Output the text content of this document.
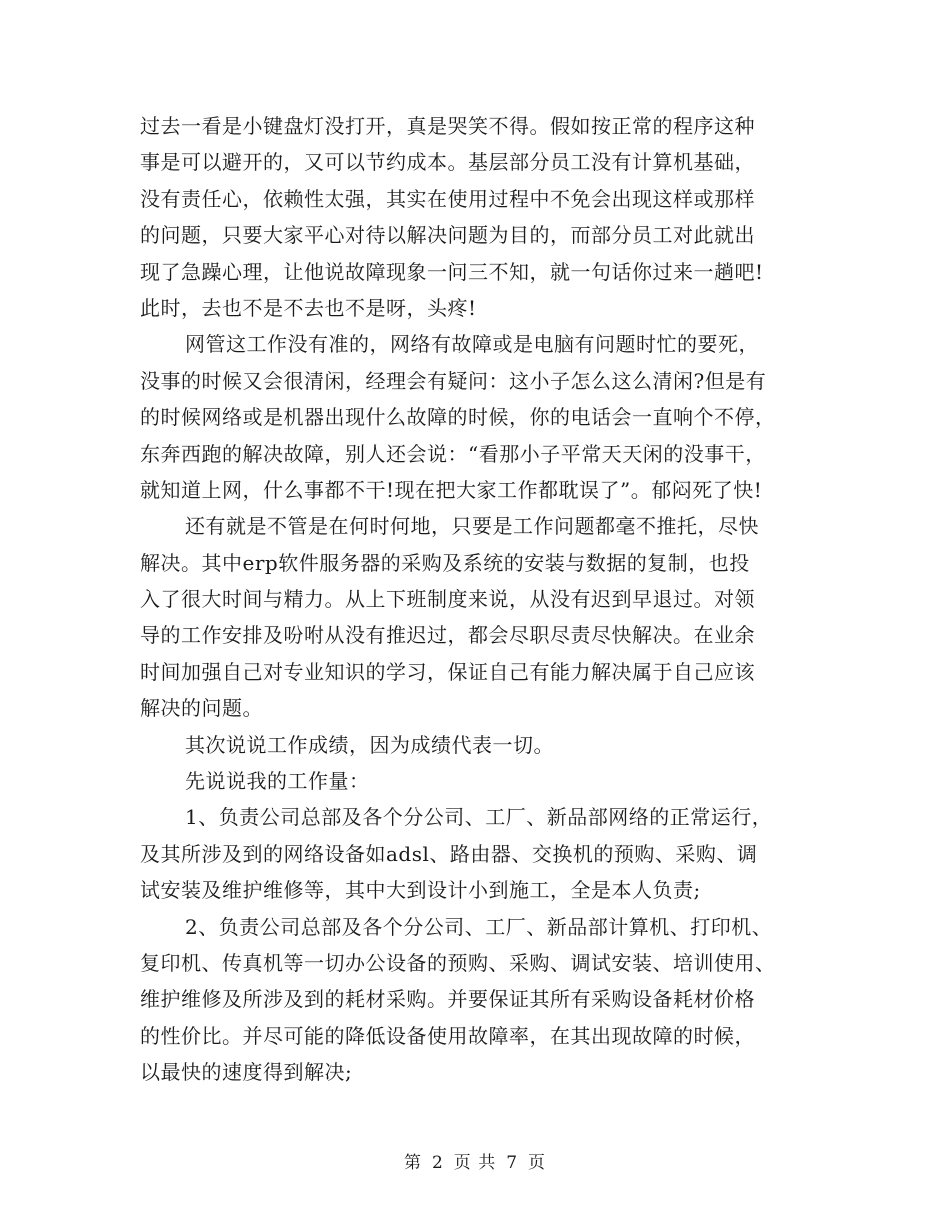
过去一看是小键盘灯没打开，真是哭笑不得。假如按正常的程序这种
事是可以避开的，又可以节约成本。基层部分员工没有计算机基础，
没有责任心，依赖性太强，其实在使用过程中不免会出现这样或那样
的问题，只要大家平心对待以解决问题为目的，而部分员工对此就出
现了急躁心理，让他说故障现象一问三不知，就一句话你过来一趟吧!
此时，去也不是不去也不是呀，头疼!
网管这工作没有准的，网络有故障或是电脑有问题时忙的要死，
没事的时候又会很清闲，经理会有疑问：这小子怎么这么清闲?但是有
的时候网络或是机器出现什么故障的时候，你的电话会一直响个不停，
东奔西跑的解决故障，别人还会说：“看那小子平常天天闲的没事干，
就知道上网，什么事都不干!现在把大家工作都耽误了”。郁闷死了快!
还有就是不管是在何时何地，只要是工作问题都毫不推托，尽快
解决。其中erp软件服务器的采购及系统的安装与数据的复制，也投
入了很大时间与精力。从上下班制度来说，从没有迟到早退过。对领
导的工作安排及吩咐从没有推迟过，都会尽职尽责尽快解决。在业余
时间加强自己对专业知识的学习，保证自己有能力解决属于自己应该
解决的问题。
其次说说工作成绩，因为成绩代表一切。
先说说我的工作量：
1、负责公司总部及各个分公司、工厂、新品部网络的正常运行，
及其所涉及到的网络设备如adsl、路由器、交换机的预购、采购、调
试安装及维护维修等，其中大到设计小到施工，全是本人负责;
2、负责公司总部及各个分公司、工厂、新品部计算机、打印机、
复印机、传真机等一切办公设备的预购、采购、调试安装、培训使用、
维护维修及所涉及到的耗材采购。并要保证其所有采购设备耗材价格
的性价比。并尽可能的降低设备使用故障率，在其出现故障的时候，
以最快的速度得到解决;
第 2 页 共 7 页
